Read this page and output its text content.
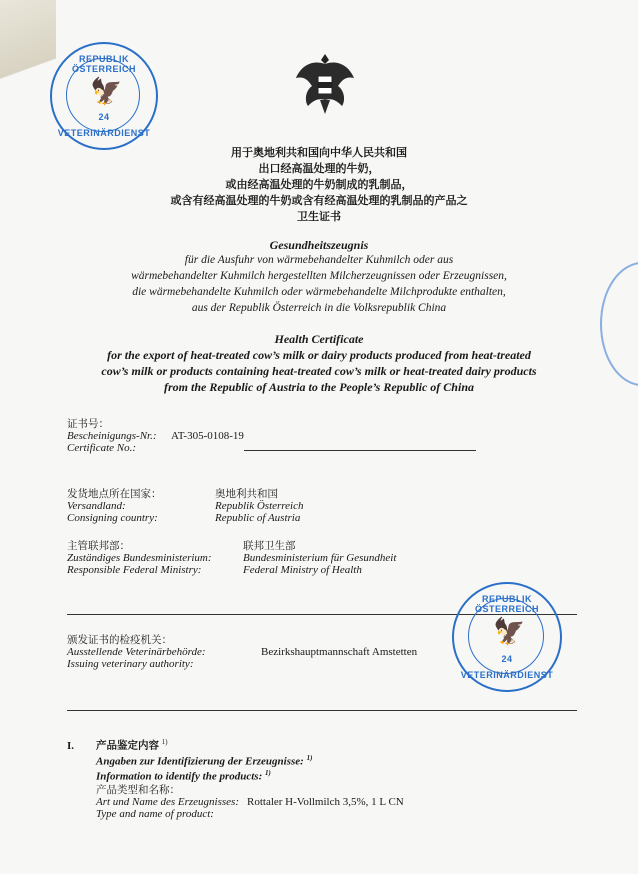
REPUBLIK ÖSTERREICH
🦅
24
VETERINÄRDIENST
用于奥地利共和国向中华人民共和国
出口经高温处理的牛奶，
或由经高温处理的牛奶制成的乳制品，
或含有经高温处理的牛奶或含有经高温处理的乳制品的产品之
卫生证书
Gesundheitszeugnis
für die Ausfuhr von wärmebehandelter Kuhmilch oder aus
wärmebehandelter Kuhmilch hergestellten Milcherzeugnissen oder Erzeugnissen,
die wärmebehandelte Kuhmilch oder wärmebehandelte Milchprodukte enthalten,
aus der Republik Österreich in die Volksrepublik China
Health Certificate
for the export of heat-treated cow’s milk or dairy products produced from heat-treated
cow’s milk or products containing heat-treated cow’s milk or heat-treated dairy products
from the Republic of Austria to the People’s Republic of China
证书号：
Bescheinigungs-Nr.:
Certificate No.:
AT-305-0108-19
发货地点所在国家：
Versandland:
Consigning country:
奥地利共和国
Republik Österreich
Republic of Austria
主管联邦部：
Zuständiges Bundesministerium:
Responsible Federal Ministry:
联邦卫生部
Bundesministerium für Gesundheit
Federal Ministry of Health
REPUBLIK ÖSTERREICH
🦅
24
VETERINÄRDIENST
颁发证书的检疫机关：
Ausstellende Veterinärbehörde:
Issuing veterinary authority:
Bezirkshauptmannschaft Amstetten
I. 产品鉴定内容 $^{1)}$
Angaben zur Identifizierung der Erzeugnisse: $^{1)}$
Information to identify the products: $^{1)}$
产品类型和名称：
Art und Name des Erzeugnisses:
Type and name of product:
Rottaler H-Vollmilch 3,5%, 1 L CN
